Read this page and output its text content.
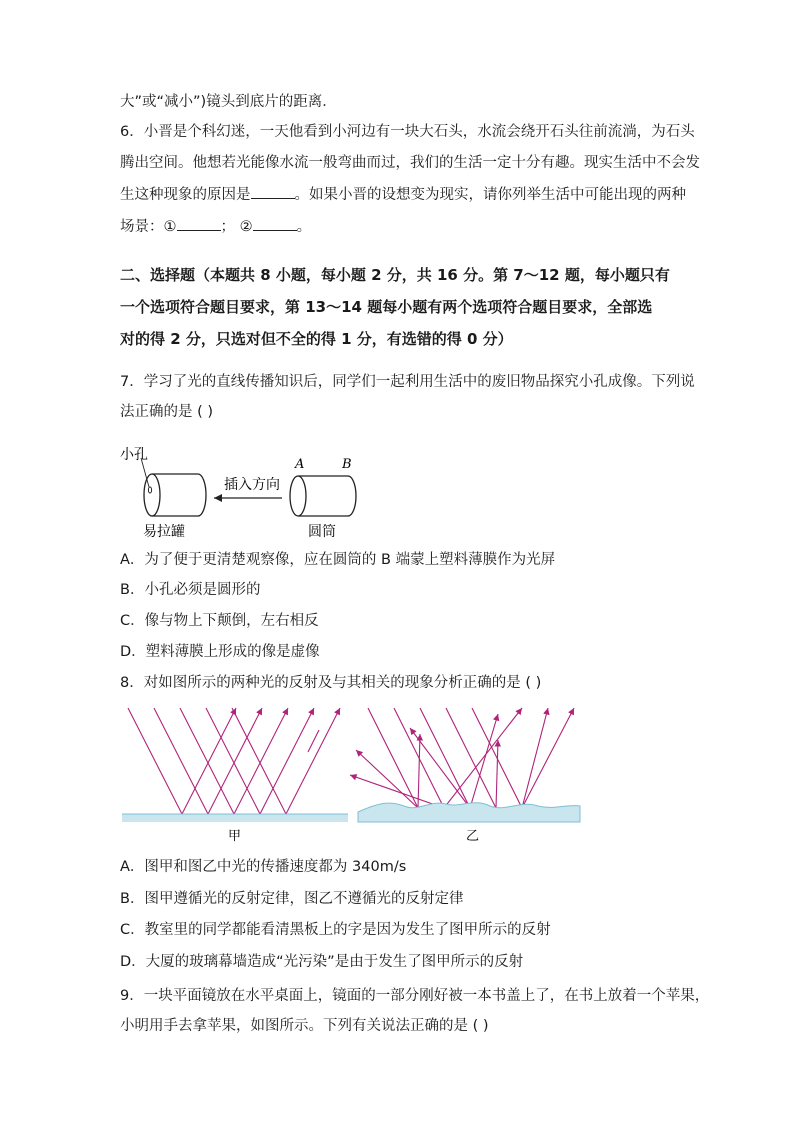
大”或“减小”)镜头到底片的距离．
6．小晋是个科幻迷，一天他看到小河边有一块大石头，水流会绕开石头往前流淌，为石头
腾出空间。他想若光能像水流一般弯曲而过，我们的生活一定十分有趣。现实生活中不会发
生这种现象的原因是	。如果小晋的设想变为现实，请你列举生活中可能出现的两种
场景：①	； ②	。
二、选择题（本题共 8 小题，每小题 2 分，共 16 分。第 7～12 题，每小题只有
一个选项符合题目要求，第 13～14 题每小题有两个选项符合题目要求，全部选
对的得 2 分，只选对但不全的得 1 分，有选错的得 0 分）
7．学习了光的直线传播知识后，同学们一起利用生活中的废旧物品探究小孔成像。下列说
法正确的是 ( )
小孔
易拉罐
插入方向
A	B
圆筒
A．为了便于更清楚观察像，应在圆筒的 B 端蒙上塑料薄膜作为光屏
B．小孔必须是圆形的
C．像与物上下颠倒，左右相反
D．塑料薄膜上形成的像是虚像
8．对如图所示的两种光的反射及与其相关的现象分析正确的是 ( )
甲	乙
A．图甲和图乙中光的传播速度都为 340m/s
B．图甲遵循光的反射定律，图乙不遵循光的反射定律
C．教室里的同学都能看清黑板上的字是因为发生了图甲所示的反射
D．大厦的玻璃幕墙造成“光污染”是由于发生了图甲所示的反射
9．一块平面镜放在水平桌面上，镜面的一部分刚好被一本书盖上了，在书上放着一个苹果，
小明用手去拿苹果，如图所示。下列有关说法正确的是 ( )
